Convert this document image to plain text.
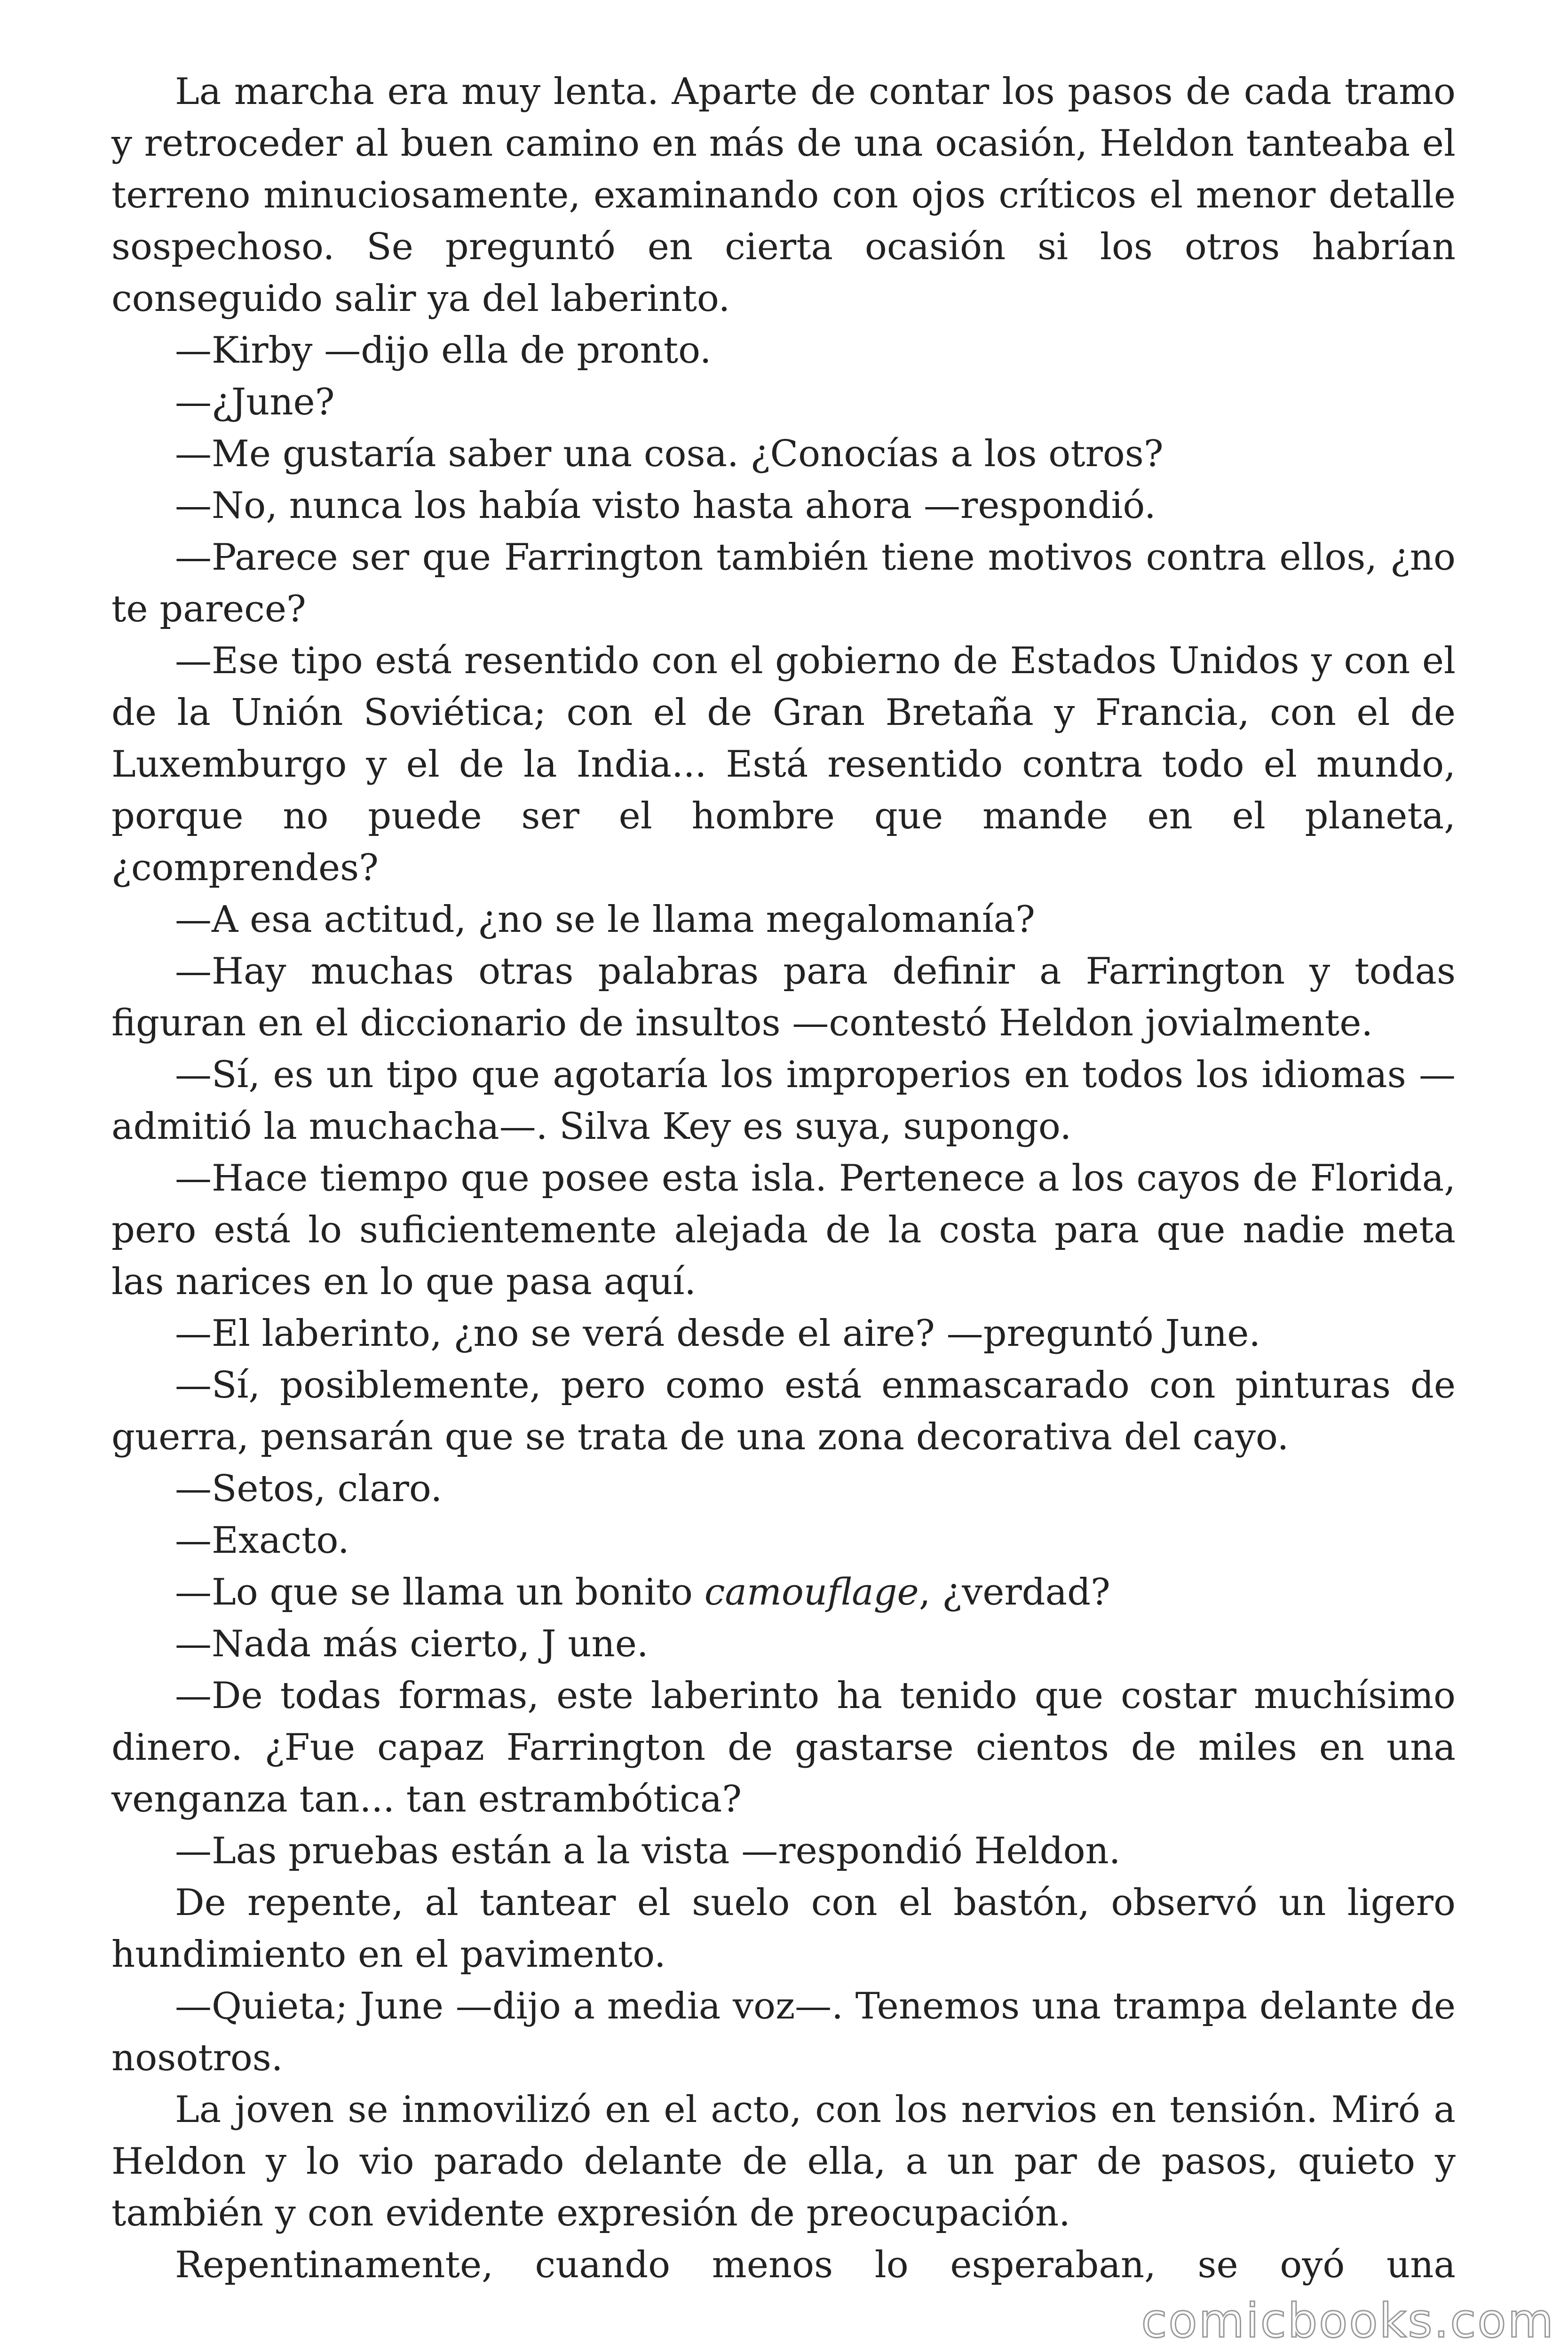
La marcha era muy lenta. Aparte de contar los pasos de cada tramo y retroceder al buen camino en más de una ocasión, Heldon tanteaba el terreno minuciosamente, examinando con ojos críticos el menor detalle sospechoso. Se preguntó en cierta ocasión si los otros habrían conseguido salir ya del laberinto.

—Kirby —dijo ella de pronto.

—¿June?

—Me gustaría saber una cosa. ¿Conocías a los otros?

—No, nunca los había visto hasta ahora —respondió.

—Parece ser que Farrington también tiene motivos contra ellos, ¿no te parece?

—Ese tipo está resentido con el gobierno de Estados Unidos y con el de la Unión Soviética; con el de Gran Bretaña y Francia, con el de Luxemburgo y el de la India... Está resentido contra todo el mundo, porque no puede ser el hombre que mande en el planeta, ¿comprendes?

—A esa actitud, ¿no se le llama megalomanía?

—Hay muchas otras palabras para definir a Farrington y todas figuran en el diccionario de insultos —contestó Heldon jovialmente.

—Sí, es un tipo que agotaría los improperios en todos los idiomas —admitió la muchacha—. Silva Key es suya, supongo.

—Hace tiempo que posee esta isla. Pertenece a los cayos de Florida, pero está lo suficientemente alejada de la costa para que nadie meta las narices en lo que pasa aquí.

—El laberinto, ¿no se verá desde el aire? —preguntó June.

—Sí, posiblemente, pero como está enmascarado con pinturas de guerra, pensarán que se trata de una zona decorativa del cayo.

—Setos, claro.

—Exacto.

—Lo que se llama un bonito camouflage, ¿verdad?

—Nada más cierto, J une.

—De todas formas, este laberinto ha tenido que costar muchísimo dinero. ¿Fue capaz Farrington de gastarse cientos de miles en una venganza tan... tan estrambótica?

—Las pruebas están a la vista —respondió Heldon.

De repente, al tantear el suelo con el bastón, observó un ligero hundimiento en el pavimento.

—Quieta; June —dijo a media voz—. Tenemos una trampa delante de nosotros.

La joven se inmovilizó en el acto, con los nervios en tensión. Miró a Heldon y lo vio parado delante de ella, a un par de pasos, quieto y también y con evidente expresión de preocupación.

Repentinamente, cuando menos lo esperaban, se oyó una

comicbooks.com
